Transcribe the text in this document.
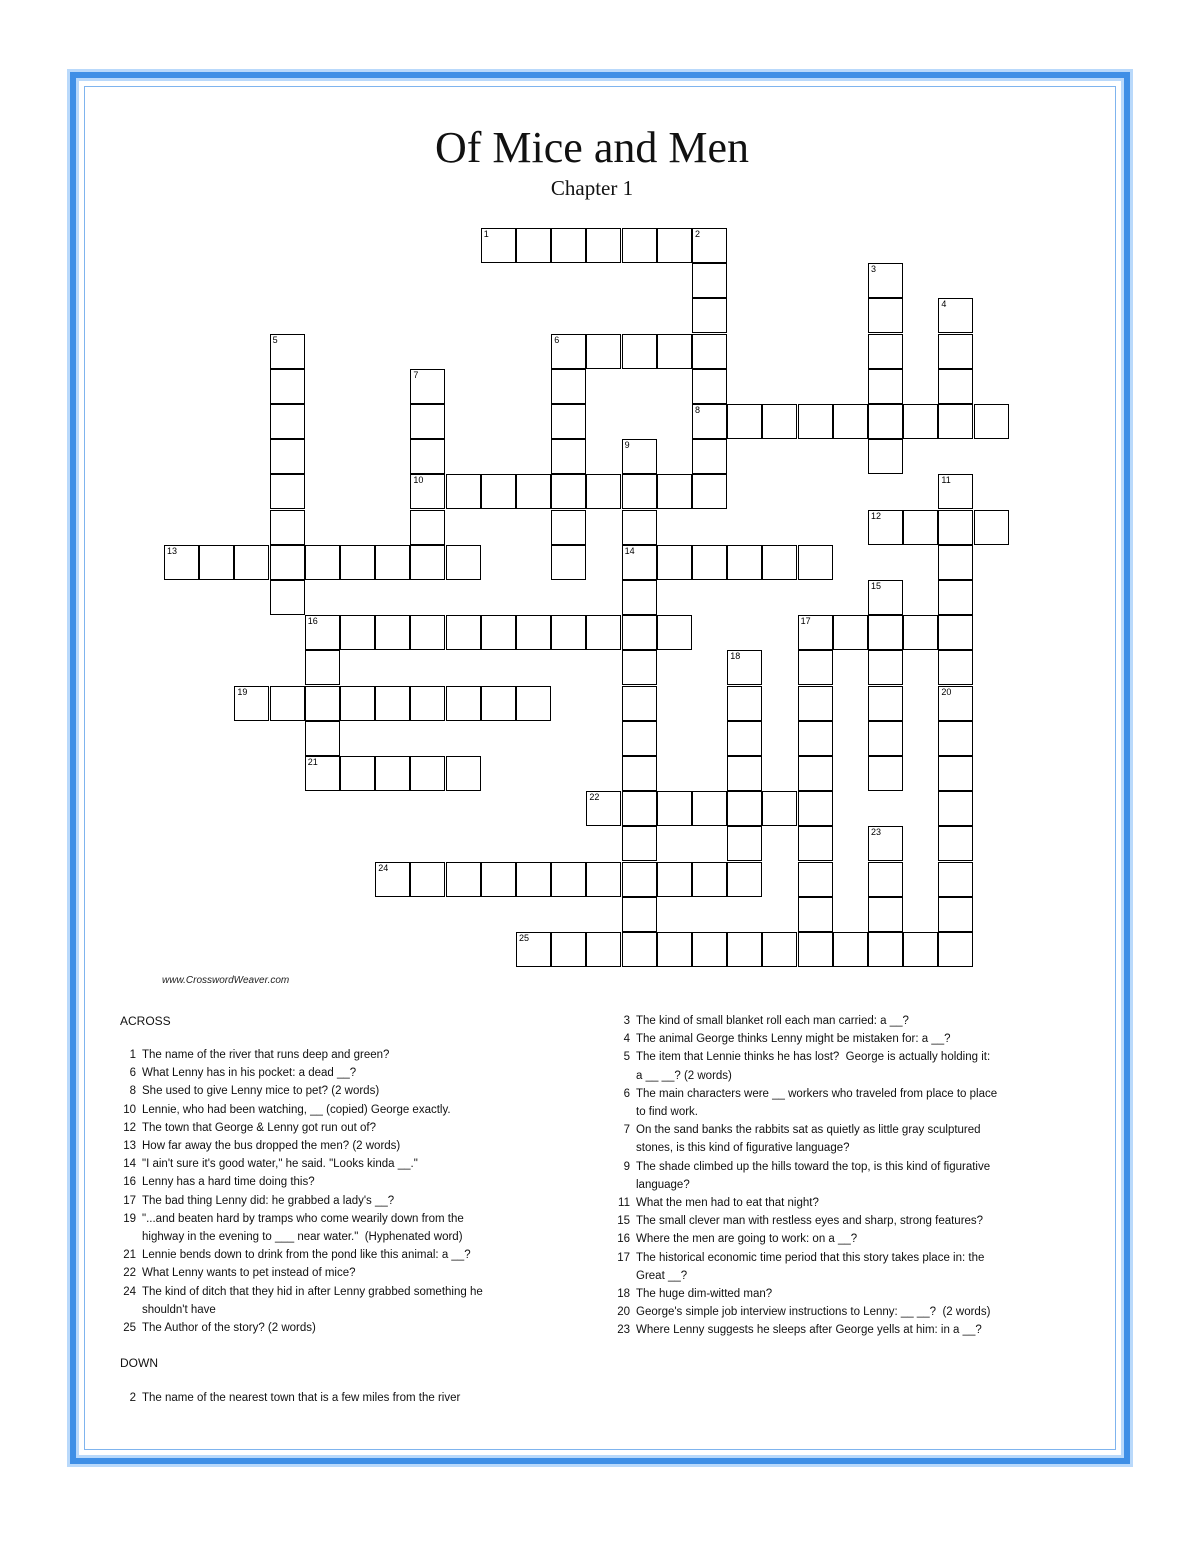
Of Mice and Men
Chapter 1
1	2
8
3
4
5	6
7
10
9
14
11
12
13
15
16
21
17
18
19	20
22
23
24
25
www.CrosswordWeaver.com
ACROSS
1 The name of the river that runs deep and green?
6 What Lenny has in his pocket: a dead __?
8 She used to give Lenny mice to pet? (2 words)
10 Lennie, who had been watching, __ (copied) George exactly.
12 The town that George & Lenny got run out of?
13 How far away the bus dropped the men? (2 words)
14 "I ain't sure it's good water," he said. "Looks kinda __."
16 Lenny has a hard time doing this?
17 The bad thing Lenny did: he grabbed a lady's __?
19 "...and beaten hard by tramps who come wearily down from the
highway in the evening to ___ near water."  (Hyphenated word)
21 Lennie bends down to drink from the pond like this animal: a __?
22 What Lenny wants to pet instead of mice?
24 The kind of ditch that they hid in after Lenny grabbed something he
shouldn't have
25 The Author of the story? (2 words)
DOWN
2 The name of the nearest town that is a few miles from the river
3 The kind of small blanket roll each man carried: a __?
4 The animal George thinks Lenny might be mistaken for: a __?
5 The item that Lennie thinks he has lost?  George is actually holding it:
a __ __? (2 words)
6 The main characters were __ workers who traveled from place to place
to find work.
7 On the sand banks the rabbits sat as quietly as little gray sculptured
stones, is this kind of figurative language?
9 The shade climbed up the hills toward the top, is this kind of figurative
language?
11 What the men had to eat that night?
15 The small clever man with restless eyes and sharp, strong features?
16 Where the men are going to work: on a __?
17 The historical economic time period that this story takes place in: the
Great __?
18 The huge dim-witted man?
20 George's simple job interview instructions to Lenny: __ __?  (2 words)
23 Where Lenny suggests he sleeps after George yells at him: in a __?
